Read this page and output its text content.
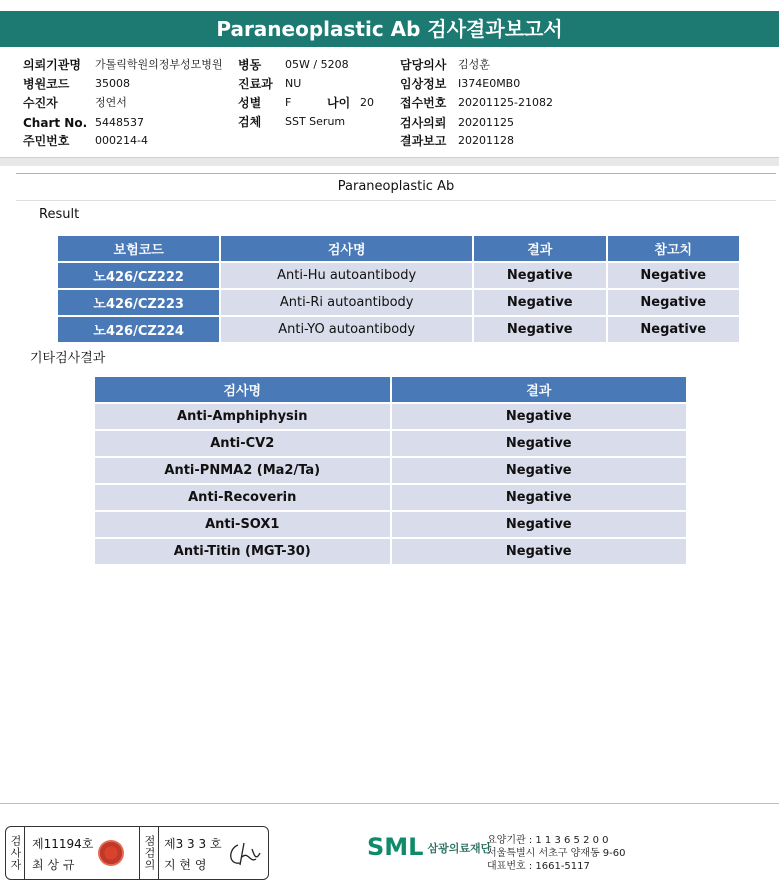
Paraneoplastic Ab 검사결과보고서
의뢰기관명 가톨릭학원의정부성모병원 병동 05W / 5208	담당의사 김성훈
병원코드 35008	진료과 NU	임상정보 I374E0MB0
수진자	정연서	성별 F	나이 20 접수번호 20201125-21082
Chart No. 5448537	검체 SST Serum	검사의뢰 20201125
주민번호 000214-4	결과보고 20201128
Paraneoplastic Ab
Result
보험코드	검사명	결과	참고치
노426/CZ222	Anti-Hu autoantibody	Negative	Negative
노426/CZ223	Anti-Ri autoantibody	Negative	Negative
노426/CZ224	Anti-YO autoantibody	Negative	Negative
기타검사결과
검사명	결과
Anti-Amphiphysin	Negative
Anti-CV2	Negative
Anti-PNMA2 (Ma2/Ta)	Negative
Anti-Recoverin	Negative
Anti-SOX1	Negative
Anti-Titin (MGT-30)	Negative
검사자 제11194호
최 상 규	점검의 제3 3 3 호
지 현 영
SML 삼광의료재단
요양기관 : 1 1 3 6 5 2 0 0
서울특별시 서초구 양재동 9-60
대표번호 : 1661-5117
